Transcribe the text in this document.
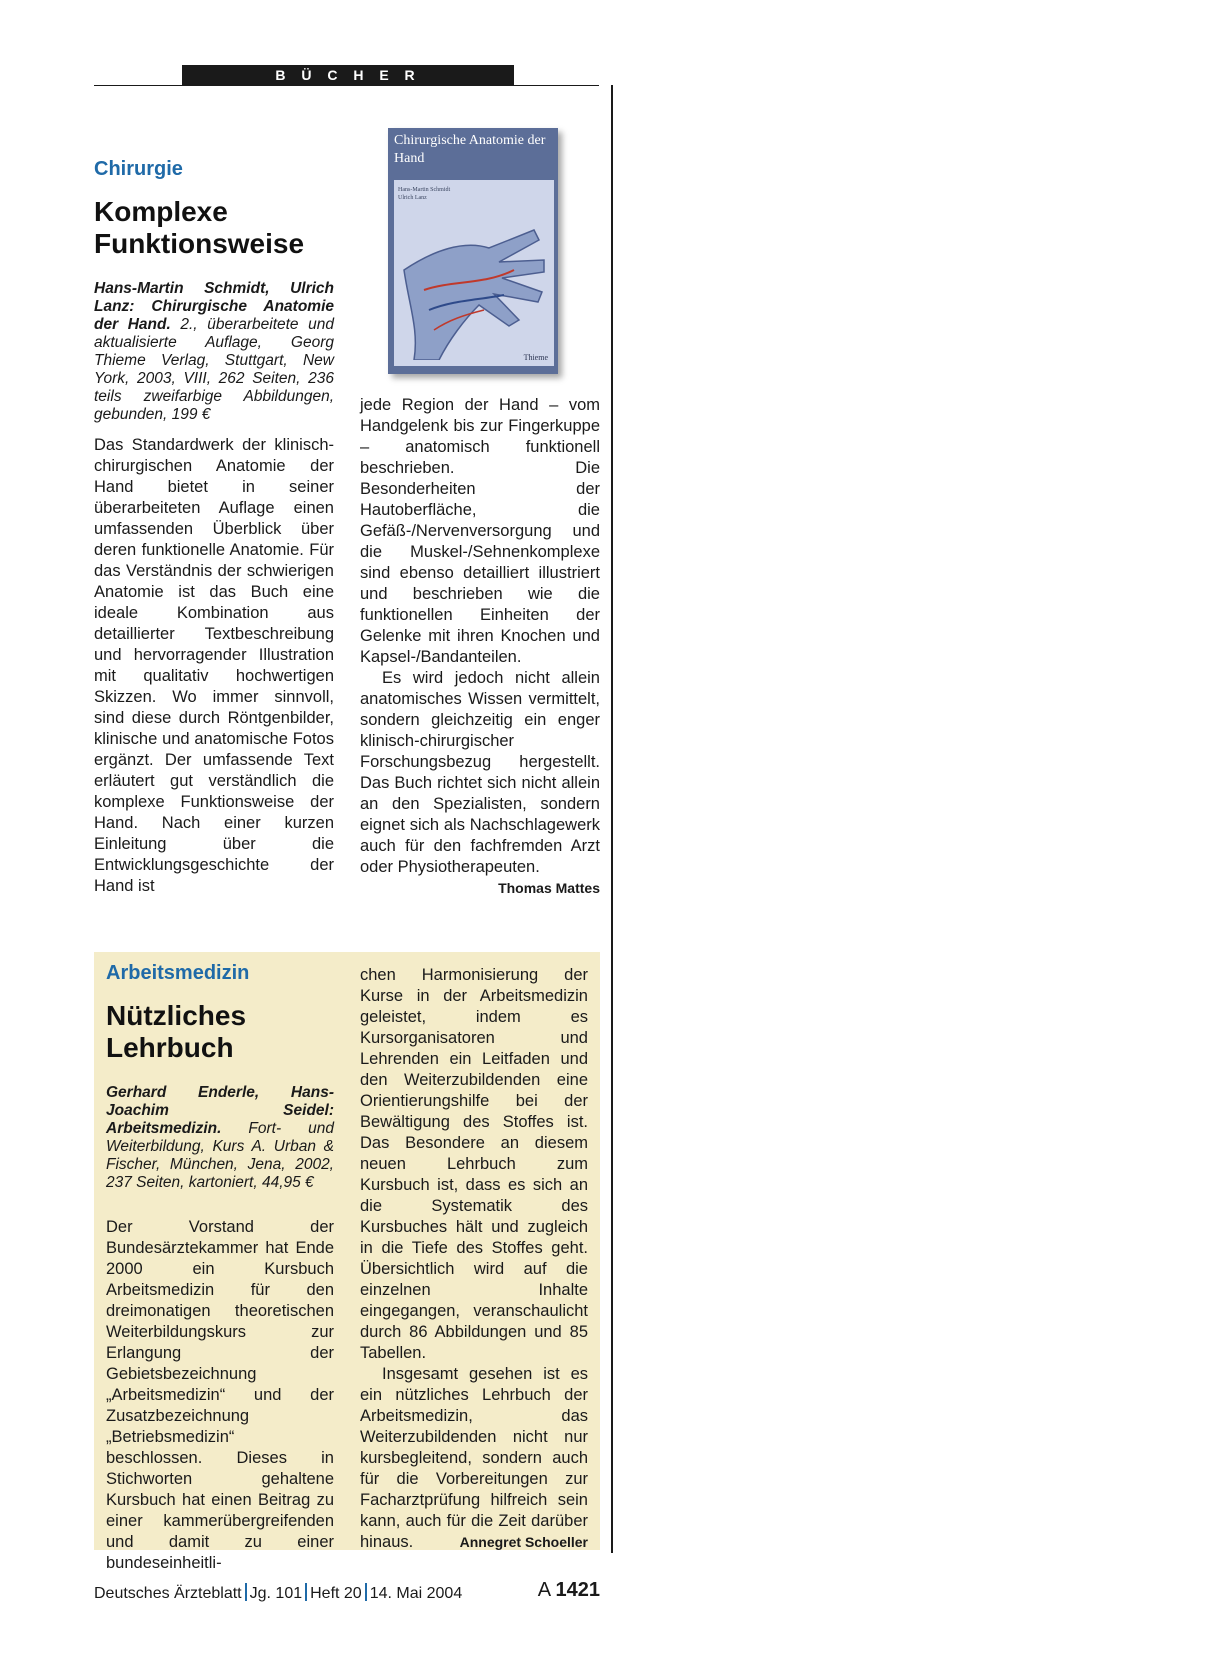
B Ü C H E R
Chirurgie
Komplexe
Funktionsweise
Hans-Martin Schmidt, Ulrich Lanz: Chirurgische Anatomie der Hand. 2., überarbeitete und aktualisierte Auflage, Georg Thieme Verlag, Stuttgart, New York, 2003, VIII, 262 Seiten, 236 teils zweifarbige Abbildungen, gebunden, 199 €

Das Standardwerk der klinisch-chirurgischen Anatomie der Hand bietet in seiner überarbeiteten Auflage einen umfassenden Überblick über deren funktionelle Anatomie. Für das Verständnis der schwierigen Anatomie ist das Buch eine ideale Kombination aus detaillierter Textbeschreibung und hervorragender Illustration mit qualitativ hochwertigen Skizzen. Wo immer sinnvoll, sind diese durch Röntgenbilder, klinische und anatomische Fotos ergänzt. Der umfassende Text erläutert gut verständlich die komplexe Funktionsweise der Hand. Nach einer kurzen Einleitung über die Entwicklungsgeschichte der Hand ist

Chirurgische Anatomie der Hand
Hans-Martin Schmidt
Ulrich Lanz
Thieme

jede Region der Hand – vom Handgelenk bis zur Fingerkuppe – anatomisch funktionell beschrieben. Die Besonderheiten der Hautoberfläche, die Gefäß-/Nervenversorgung und die Muskel-/Sehnenkomplexe sind ebenso detailliert illustriert und beschrieben wie die funktionellen Einheiten der Gelenke mit ihren Knochen und Kapsel-/Bandanteilen.

Es wird jedoch nicht allein anatomisches Wissen vermittelt, sondern gleichzeitig ein enger klinisch-chirurgischer Forschungsbezug hergestellt. Das Buch richtet sich nicht allein an den Spezialisten, sondern eignet sich als Nachschlagewerk auch für den fachfremden Arzt oder Physiotherapeuten.
Thomas Mattes

Arbeitsmedizin
Nützliches
Lehrbuch
Gerhard Enderle, Hans-Joachim Seidel: Arbeitsmedizin. Fort- und Weiterbildung, Kurs A. Urban & Fischer, München, Jena, 2002, 237 Seiten, kartoniert, 44,95 €

Der Vorstand der Bundesärztekammer hat Ende 2000 ein Kursbuch Arbeitsmedizin für den dreimonatigen theoretischen Weiterbildungskurs zur Erlangung der Gebietsbezeichnung „Arbeitsmedizin“ und der Zusatzbezeichnung „Betriebsmedizin“ beschlossen. Dieses in Stichworten gehaltene Kursbuch hat einen Beitrag zu einer kammerübergreifenden und damit zu einer bundeseinheitli-

chen Harmonisierung der Kurse in der Arbeitsmedizin geleistet, indem es Kursorganisatoren und Lehrenden ein Leitfaden und den Weiterzubildenden eine Orientierungshilfe bei der Bewältigung des Stoffes ist. Das Besondere an diesem neuen Lehrbuch zum Kursbuch ist, dass es sich an die Systematik des Kursbuches hält und zugleich in die Tiefe des Stoffes geht. Übersichtlich wird auf die einzelnen Inhalte eingegangen, veranschaulicht durch 86 Abbildungen und 85 Tabellen.

Insgesamt gesehen ist es ein nützliches Lehrbuch der Arbeitsmedizin, das Weiterzubildenden nicht nur kursbegleitend, sondern auch für die Vorbereitungen zur Facharztprüfung hilfreich sein kann, auch für die Zeit darüber hinaus.	Annegret Schoeller

Deutsches Ärzteblatt Jg. 101 Heft 20 14. Mai 2004	A 1421
